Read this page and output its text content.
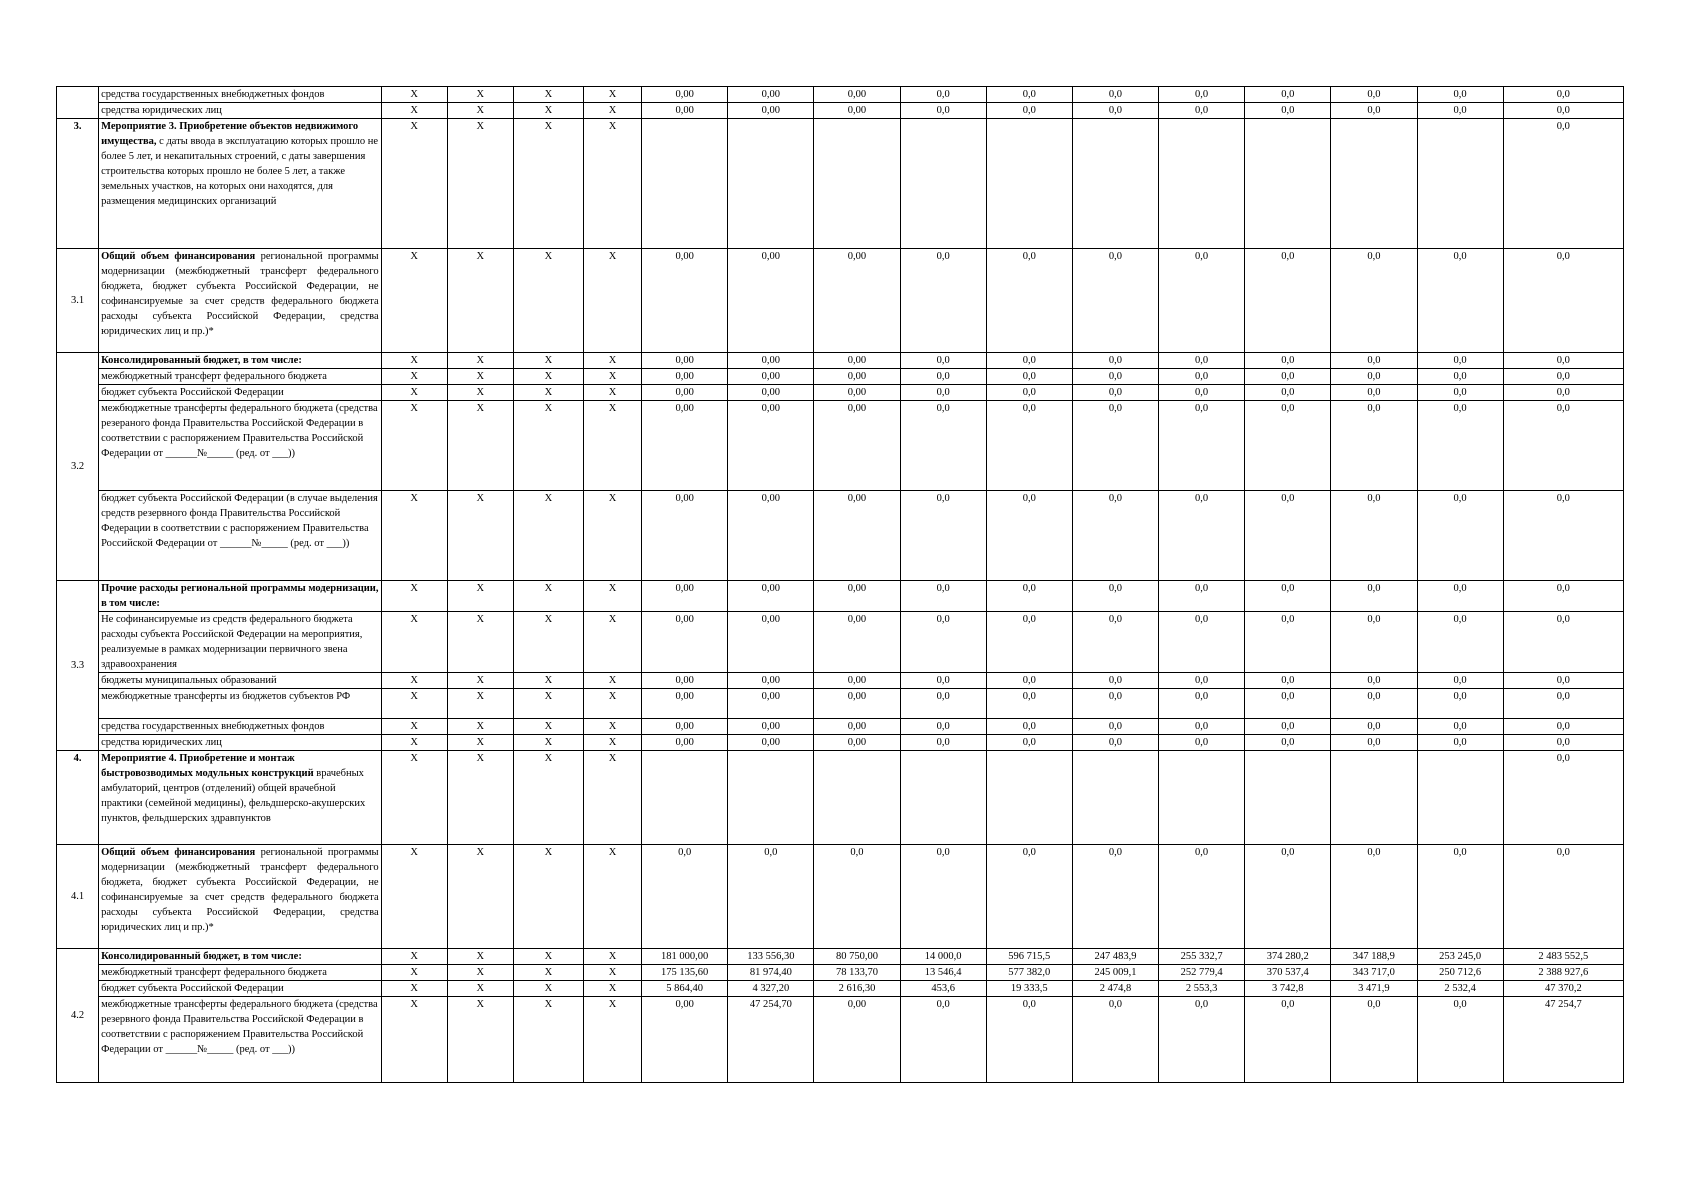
	средства государственных внебюджетных фондов	X	X	X	X	0,00	0,00	0,00	0,0	0,0	0,0	0,0	0,0	0,0	0,0	0,0
	средства юридических лиц	X	X	X	X	0,00	0,00	0,00	0,0	0,0	0,0	0,0	0,0	0,0	0,0	0,0
3.	Мероприятие 3. Приобретение объектов недвижимого имущества, с даты ввода в эксплуатацию которых прошло не более 5 лет, и некапитальных строений, с даты завершения строительства которых прошло не более 5 лет, а также земельных участков, на которых они находятся, для размещения медицинских организаций	X	X	X	X											0,0
3.1	Общий объем финансирования региональной программы модернизации (межбюджетный трансферт федерального бюджета, бюджет субъекта Российской Федерации, не софинансируемые за счет средств федерального бюджета расходы субъекта Российской Федерации, средства юридических лиц и пр.)*	X	X	X	X	0,00	0,00	0,00	0,0	0,0	0,0	0,0	0,0	0,0	0,0	0,0
3.2	Консолидированный бюджет, в том числе:	X	X	X	X	0,00	0,00	0,00	0,0	0,0	0,0	0,0	0,0	0,0	0,0	0,0
	межбюджетный трансферт федерального бюджета	X	X	X	X	0,00	0,00	0,00	0,0	0,0	0,0	0,0	0,0	0,0	0,0	0,0
	бюджет субъекта Российской Федерации	X	X	X	X	0,00	0,00	0,00	0,0	0,0	0,0	0,0	0,0	0,0	0,0	0,0
	межбюджетные трансферты федерального бюджета (средства резерaного фонда Правительства Российской Федерации в соответствии с распоряжением Правительства Российской Федерации от ______№_____ (ред. от ___))	X	X	X	X	0,00	0,00	0,00	0,0	0,0	0,0	0,0	0,0	0,0	0,0	0,0
	бюджет субъекта Российской Федерации (в случае выделения средств резервного фонда Правительства Российской Федерации в соответствии с распоряжением Правительства Российской Федерации от ______№_____ (ред. от ___))	X	X	X	X	0,00	0,00	0,00	0,0	0,0	0,0	0,0	0,0	0,0	0,0	0,0
3.3	Прочие расходы региональной программы модернизации, в том числе:	X	X	X	X	0,00	0,00	0,00	0,0	0,0	0,0	0,0	0,0	0,0	0,0	0,0
	Не софинансируемые из средств федерального бюджета расходы субъекта Российской Федерации на мероприятия, реализуемые в рамках модернизации первичного звена здравоохранения	X	X	X	X	0,00	0,00	0,00	0,0	0,0	0,0	0,0	0,0	0,0	0,0	0,0
	бюджеты муниципальных образований	X	X	X	X	0,00	0,00	0,00	0,0	0,0	0,0	0,0	0,0	0,0	0,0	0,0
	межбюджетные трансферты из бюджетов субъектов РФ	X	X	X	X	0,00	0,00	0,00	0,0	0,0	0,0	0,0	0,0	0,0	0,0	0,0
	средства государственных внебюджетных фондов	X	X	X	X	0,00	0,00	0,00	0,0	0,0	0,0	0,0	0,0	0,0	0,0	0,0
	средства юридических лиц	X	X	X	X	0,00	0,00	0,00	0,0	0,0	0,0	0,0	0,0	0,0	0,0	0,0
4.	Мероприятие 4. Приобретение и монтаж быстровозводимых модульных конструкций врачебных амбулаторий, центров (отделений) общей врачебной практики (семейной медицины), фельдшерско-акушерских пунктов, фельдшерских здравпунктов	X	X	X	X											0,0
4.1	Общий объем финансирования региональной программы модернизации (межбюджетный трансферт федерального бюджета, бюджет субъекта Российской Федерации, не софинансируемые за счет средств федерального бюджета расходы субъекта Российской Федерации, средства юридических лиц и пр.)*	X	X	X	X	0,0	0,0	0,0	0,0	0,0	0,0	0,0	0,0	0,0	0,0	0,0
4.2	Консолидированный бюджет, в том числе:	X	X	X	X	181 000,00	133 556,30	80 750,00	14 000,0	596 715,5	247 483,9	255 332,7	374 280,2	347 188,9	253 245,0	2 483 552,5
	межбюджетный трансферт федерального бюджета	X	X	X	X	175 135,60	81 974,40	78 133,70	13 546,4	577 382,0	245 009,1	252 779,4	370 537,4	343 717,0	250 712,6	2 388 927,6
	бюджет субъекта Российской Федерации	X	X	X	X	5 864,40	4 327,20	2 616,30	453,6	19 333,5	2 474,8	2 553,3	3 742,8	3 471,9	2 532,4	47 370,2
	межбюджетные трансферты федерального бюджета (средства резервного фонда Правительства Российской Федерации в соответствии с распоряжением Правительства Российской Федерации от ______№_____ (ред. от ___))	X	X	X	X	0,00	47 254,70	0,00	0,0	0,0	0,0	0,0	0,0	0,0	0,0	47 254,7
